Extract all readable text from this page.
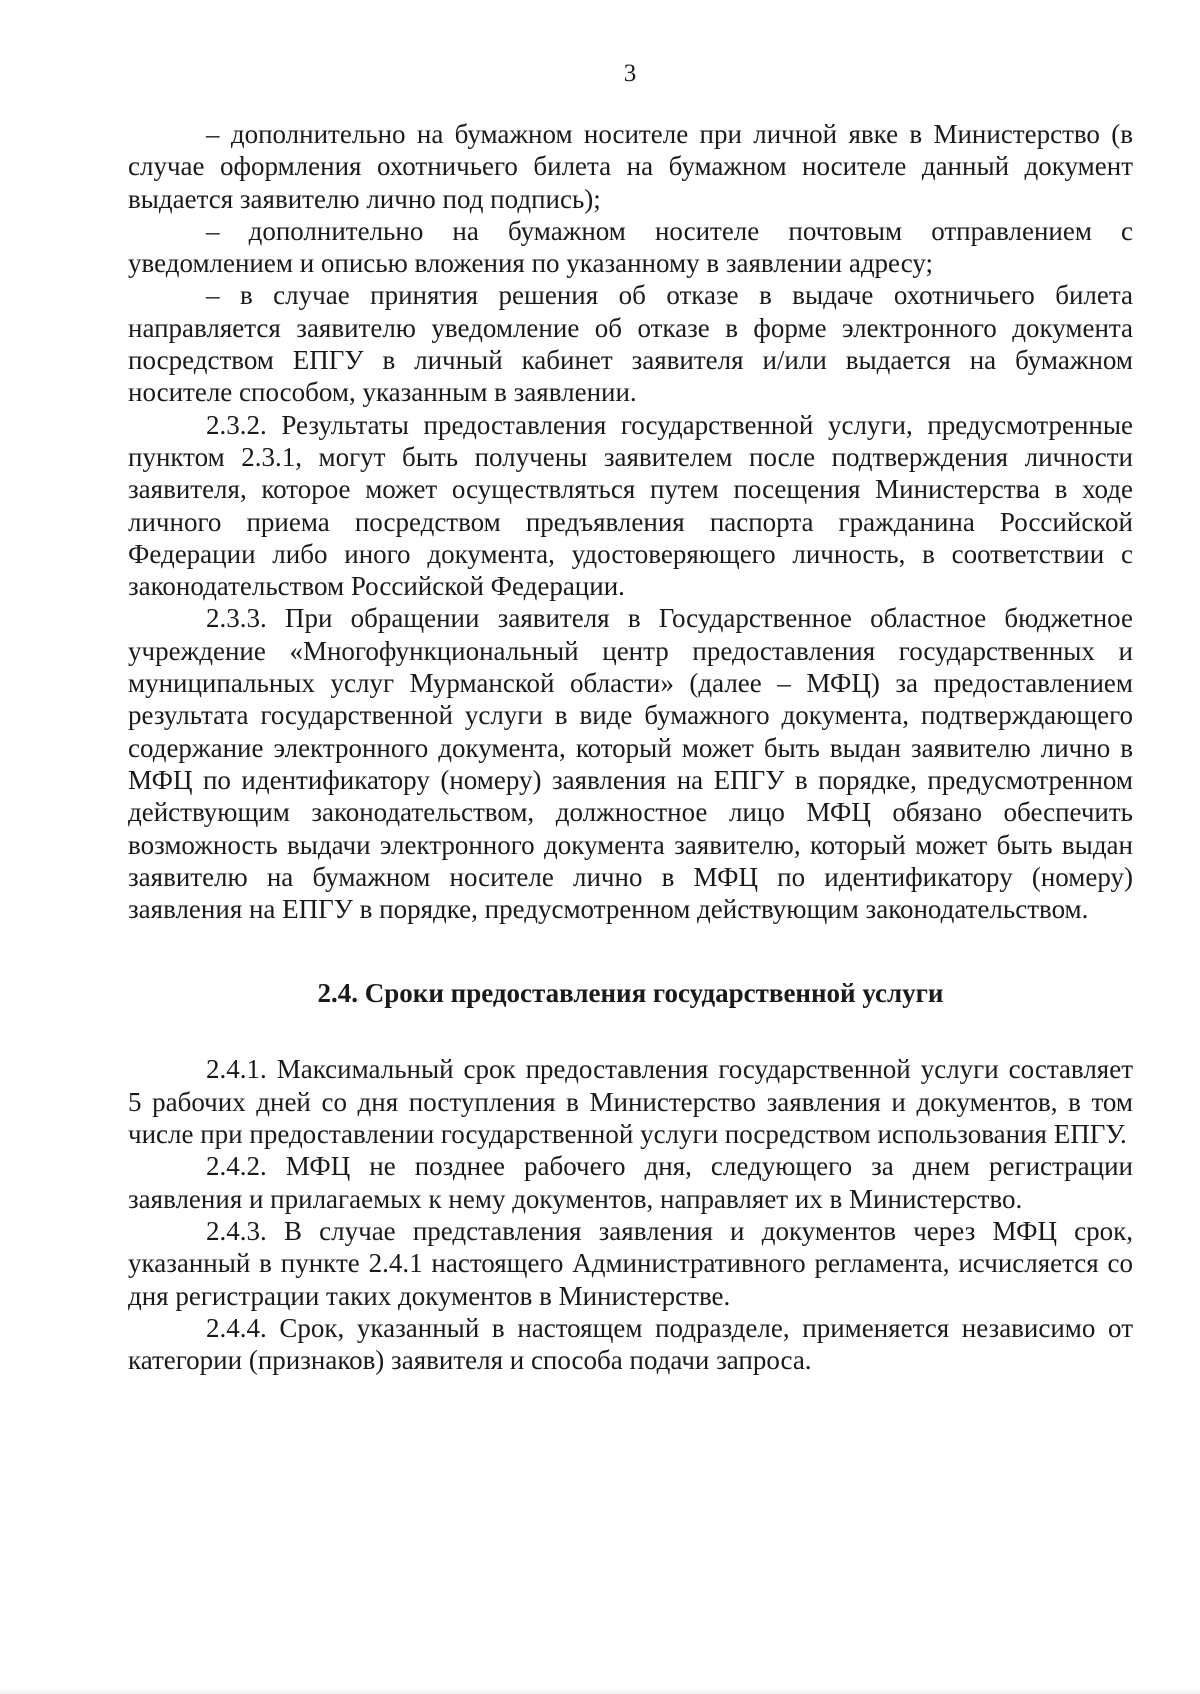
3

– дополнительно на бумажном носителе при личной явке в Министерство (в случае оформления охотничьего билета на бумажном носителе данный документ выдается заявителю лично под подпись);

– дополнительно на бумажном носителе почтовым отправлением с уведомлением и описью вложения по указанному в заявлении адресу;

– в случае принятия решения об отказе в выдаче охотничьего билета направляется заявителю уведомление об отказе в форме электронного документа посредством ЕПГУ в личный кабинет заявителя и/или выдается на бумажном носителе способом, указанным в заявлении.

2.3.2. Результаты предоставления государственной услуги, предусмотренные пунктом 2.3.1, могут быть получены заявителем после подтверждения личности заявителя, которое может осуществляться путем посещения Министерства в ходе личного приема посредством предъявления паспорта гражданина Российской Федерации либо иного документа, удостоверяющего личность, в соответствии с законодательством Российской Федерации.

2.3.3. При обращении заявителя в Государственное областное бюджетное учреждение «Многофункциональный центр предоставления государственных и муниципальных услуг Мурманской области» (далее – МФЦ) за предоставлением результата государственной услуги в виде бумажного документа, подтверждающего содержание электронного документа, который может быть выдан заявителю лично в МФЦ по идентификатору (номеру) заявления на ЕПГУ в порядке, предусмотренном действующим законодательством, должностное лицо МФЦ обязано обеспечить возможность выдачи электронного документа заявителю, который может быть выдан заявителю на бумажном носителе лично в МФЦ по идентификатору (номеру) заявления на ЕПГУ в порядке, предусмотренном действующим законодательством.

2.4. Сроки предоставления государственной услуги

2.4.1. Максимальный срок предоставления государственной услуги составляет 5 рабочих дней со дня поступления в Министерство заявления и документов, в том числе при предоставлении государственной услуги посредством использования ЕПГУ.

2.4.2. МФЦ не позднее рабочего дня, следующего за днем регистрации заявления и прилагаемых к нему документов, направляет их в Министерство.

2.4.3. В случае представления заявления и документов через МФЦ срок, указанный в пункте 2.4.1 настоящего Административного регламента, исчисляется со дня регистрации таких документов в Министерстве.

2.4.4. Срок, указанный в настоящем подразделе, применяется независимо от категории (признаков) заявителя и способа подачи запроса.
